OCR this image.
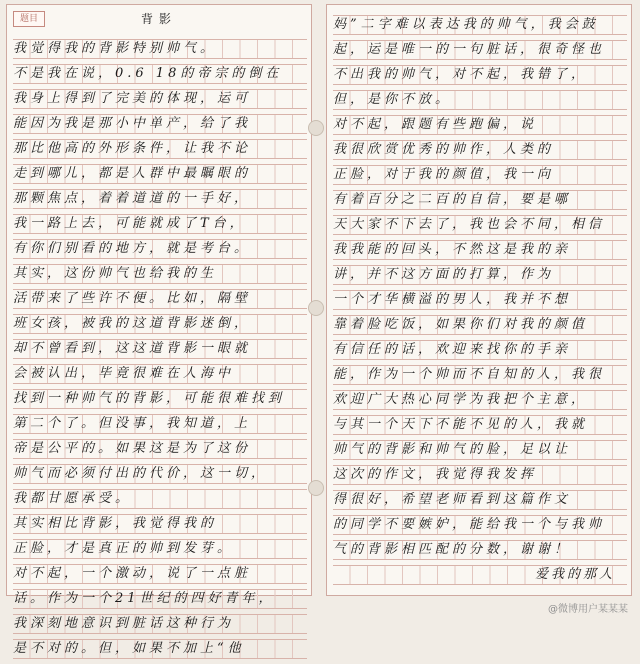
题目	背影
我觉得我的背影特别帅气。
不是我在说，0.6 18的帝宗的倒在
我身上得到了完美的体现，运可
能因为我是那小中单产，给了我
那比他高的外形条件，让我不论
走到哪儿，都是人群中最瞩眼的
那颗焦点，着着道道的一手好，
我一路上去，可能就成了T台，
有你们别看的地方，就是考台。
其实，这份帅气也给我的生
活带来了些许不便。比如，隔壁
班女孩，被我的这道背影迷倒，
却不曾看到，这这道背影一眼就
会被认出，毕竟很难在人海中
找到一种帅气的背影，可能很难找到
第二个了。但没事，我知道，上
帝是公平的。如果这是为了这份
帅气而必须付出的代价，这一切，
我都甘愿承受。
其实相比背影，我觉得我的
正脸，才是真正的帅到发芽。
对不起，一个激动，说了一点脏
话。作为一个21世纪的四好青年，
我深刻地意识到脏话这种行为
是不对的。但，如果不加上“他
妈”二字难以表达我的帅气，我会鼓
起，运是唯一的一句脏话，很奇怪也
不出我的帅气，对不起，我错了，
但，是你不放。
对不起，跟题有些跑偏，说
我很欣赏优秀的帅作，人类的
正脸，对于我的颜值，我一向
有着百分之二百的自信，要是哪
天大家不下去了，我也会不同，相信
我我能的回头，不然这是我的亲
讲，并不这方面的打算，作为
一个才华横溢的男人，我并不想
靠着脸吃饭，如果你们对我的颜值
有信任的话，欢迎来找你的手亲
能，作为一个帅而不自知的人，我很
欢迎广大热心同学为我把个主意，
与其一个天下不能不见的人，我就
帅气的背影和帅气的脸，足以让
这次的作文，我觉得我发挥
得很好，希望老师看到这篇作文
的同学不要嫉妒，能给我一个与我帅
气的背影相匹配的分数，谢谢！
爱我的那人
@微博用户某某某
